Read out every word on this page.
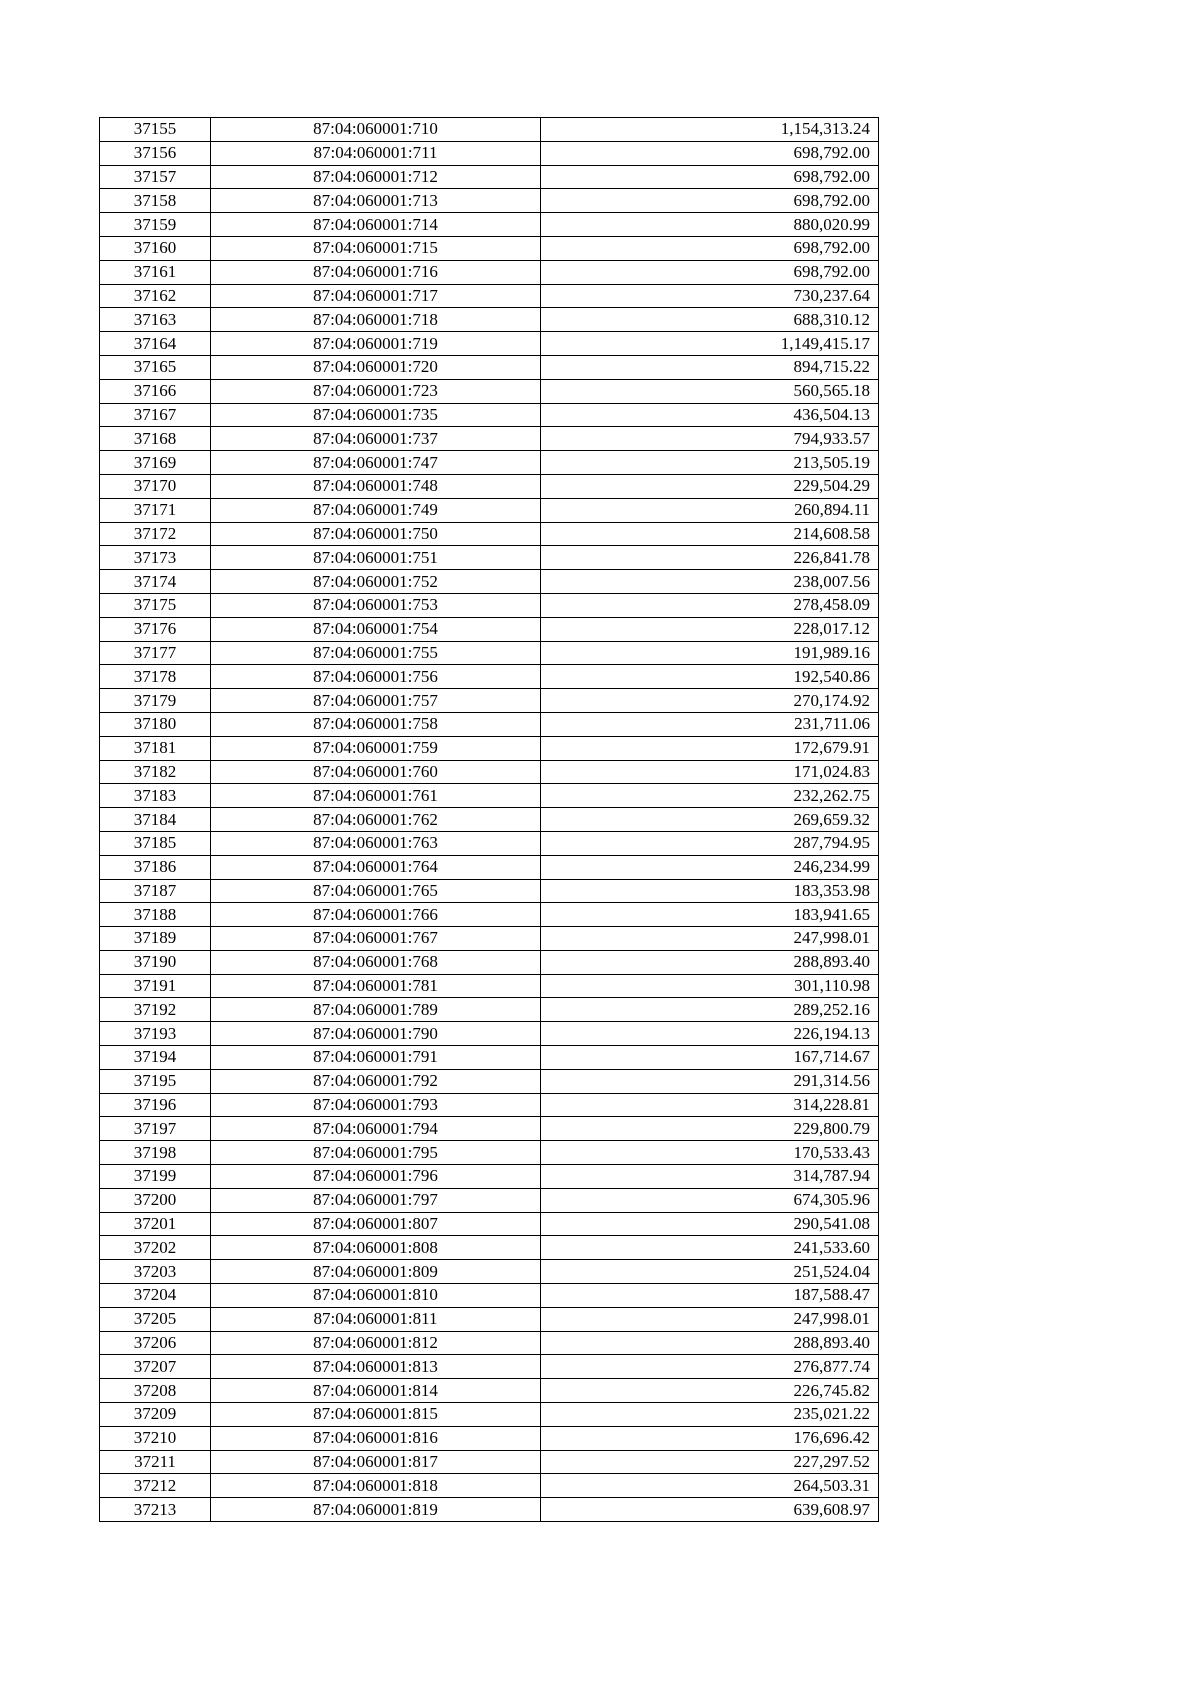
37155	87:04:060001:710	1,154,313.24
37156	87:04:060001:711	698,792.00
37157	87:04:060001:712	698,792.00
37158	87:04:060001:713	698,792.00
37159	87:04:060001:714	880,020.99
37160	87:04:060001:715	698,792.00
37161	87:04:060001:716	698,792.00
37162	87:04:060001:717	730,237.64
37163	87:04:060001:718	688,310.12
37164	87:04:060001:719	1,149,415.17
37165	87:04:060001:720	894,715.22
37166	87:04:060001:723	560,565.18
37167	87:04:060001:735	436,504.13
37168	87:04:060001:737	794,933.57
37169	87:04:060001:747	213,505.19
37170	87:04:060001:748	229,504.29
37171	87:04:060001:749	260,894.11
37172	87:04:060001:750	214,608.58
37173	87:04:060001:751	226,841.78
37174	87:04:060001:752	238,007.56
37175	87:04:060001:753	278,458.09
37176	87:04:060001:754	228,017.12
37177	87:04:060001:755	191,989.16
37178	87:04:060001:756	192,540.86
37179	87:04:060001:757	270,174.92
37180	87:04:060001:758	231,711.06
37181	87:04:060001:759	172,679.91
37182	87:04:060001:760	171,024.83
37183	87:04:060001:761	232,262.75
37184	87:04:060001:762	269,659.32
37185	87:04:060001:763	287,794.95
37186	87:04:060001:764	246,234.99
37187	87:04:060001:765	183,353.98
37188	87:04:060001:766	183,941.65
37189	87:04:060001:767	247,998.01
37190	87:04:060001:768	288,893.40
37191	87:04:060001:781	301,110.98
37192	87:04:060001:789	289,252.16
37193	87:04:060001:790	226,194.13
37194	87:04:060001:791	167,714.67
37195	87:04:060001:792	291,314.56
37196	87:04:060001:793	314,228.81
37197	87:04:060001:794	229,800.79
37198	87:04:060001:795	170,533.43
37199	87:04:060001:796	314,787.94
37200	87:04:060001:797	674,305.96
37201	87:04:060001:807	290,541.08
37202	87:04:060001:808	241,533.60
37203	87:04:060001:809	251,524.04
37204	87:04:060001:810	187,588.47
37205	87:04:060001:811	247,998.01
37206	87:04:060001:812	288,893.40
37207	87:04:060001:813	276,877.74
37208	87:04:060001:814	226,745.82
37209	87:04:060001:815	235,021.22
37210	87:04:060001:816	176,696.42
37211	87:04:060001:817	227,297.52
37212	87:04:060001:818	264,503.31
37213	87:04:060001:819	639,608.97
